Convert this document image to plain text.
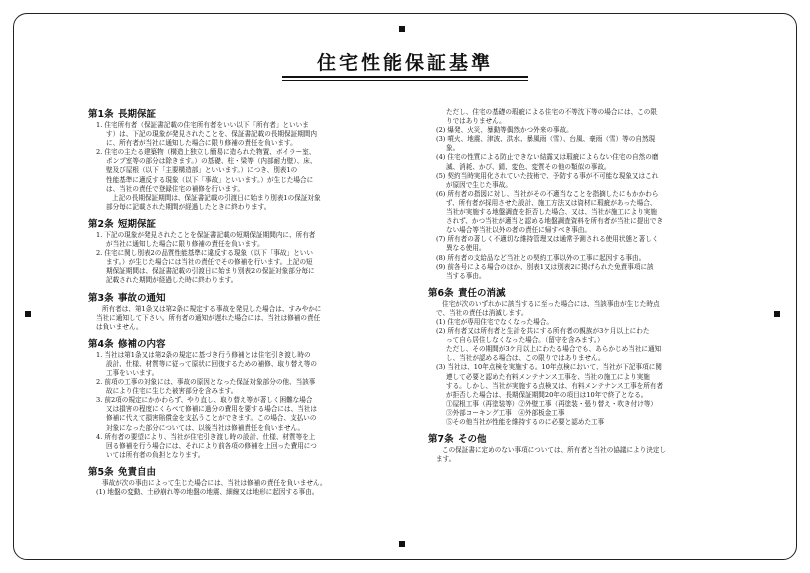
住宅性能保証基準
第1条 長期保証

1. 住宅所有者（保証書記載の住宅所有者をいい以下「所有者」といいま

す）は、下記の現象が発見されたことを、保証書記載の長期保証期間内

に、所有者が当社に通知した場合に限り修補の責任を負います。

2. 住宅の主たる建築物（構造上独立し簡易に造られた物置、ボイラー室、

ポンプ室等の部分は除きます。）の基礎、柱・梁等（内部耐力壁）、床、

壁及び屋根（以下「主要構造部」といいます。）につき、別表1の

性能基準に適反する現象（以下「事故」といいます。）が生じた場合に

は、当社の責任で登録住宅の補修を行います。

上記の長期保証期間は、保証書記載の引渡日に始まり別表1の保証対象

部分毎に記載された期間が経過したときに終わります。

第2条 短期保証

1. 下記の現象が発見されたことを保証書記載の短期保証期間内に、所有者

が当社に通知した場合に限り修補の責任を負います。

2. 住宅に関し別表2の品質性能基準に違反する現象（以下「事故」といい

ます。）が生じた場合には当社の責任でその修補を行います。上記の短

期保証期間は、保証書記載の引渡日に始まり別表2の保証対象部分毎に

記載された期間が経過した時に終わります。

第3条 事故の通知

所有者は、第1条又は第2条に規定する事故を発見した場合は、すみやかに

当社に通知して下さい。所有者の通知が遅れた場合には、当社は修補の責任

は負いません。

第4条 修補の内容

1. 当社は第1条又は第2条の規定に基づき行う修補とは住宅引き渡し時の

設計、仕様、材質等に従って原状に回復するための補修、取り替え等の

工事をいいます。

2. 前項の工事の対象には、事故の原因となった保証対象部分の他、当該事

故により住宅に生じた被害部分を含みます。

3. 前2項の規定にかかわらず、やり直し、取り替え等が著しく困難な場合

又は損害の程度にくらべて修補に過分の費用を要する場合には、当社は

修補に代えて損害賠償金を支払うことができます。この場合、支払いの

対象になった部分については、以後当社は修補責任を負いません。

4. 所有者の要望により、当社が住宅引き渡し時の設計、仕様、材質等を上

回る修補を行う場合には、それにより前各項の修補を上回った費用につ

いては所有者の負担となります。

第5条 免責自由

事故が次の事由によって生じた場合には、当社は修補の責任を負いません。

(1) 地盤の変動、土砂崩れ等の地盤の地震、細線又は地形に起因する事由。

ただし、住宅の基礎の瑕疵による住宅の不等沈下等の場合には、この限

りではありません。

(2) 爆発、火災、暴動等偶然かつ外来の事故。

(3) 噴火、地震、津波、洪水、暴風雨（雪）、台風、豪雨（雪）等の自然現

象。

(4) 住宅の性質による防止できない結露又は瑕疵によらない住宅の自然の磨

滅、消耗、かび、錆、変色、変質その他の類似の事故。

(5) 契約当時実用化されていた技術で、予防する事が不可能な現象又はこれ

が原因で生じた事故。

(6) 所有者の指図に対し、当社がその不適当なことを指摘したにもかかわら

ず、所有者が採用させた設計、施工方法又は資材に瑕疵があった場合、

当社が実施する地盤調査を拒否した場合、又は、当社が施工により実施

されず、かつ当社が適当と認める地盤調査資料を所有者が当社に提出でき

ない場合等当社以外の者の責任に帰すべき事由。

(7) 所有者の著しく不適切な維持管理又は通常予測される使用状態と著しく

異なる使用。

(8) 所有者の支給品など当社との契約工事以外の工事に起因する事由。

(9) 前各号による場合のほか、別表1又は別表2に掲げられた免責事項に該

当する事由。

第6条 責任の消滅

住宅が次のいずれかに該当するに至った場合には、当該事由が生じた時点

で、当社の責任は消滅します。

(1) 住宅が専用住宅でなくなった場合。

(2) 所有者又は所有者と生計を共にする所有者の親族が3ケ月以上にわた

って自ら居住しなくなった場合。（留守を含みます。）

ただし、その期間が3ケ月以上にわたる場合でも、あらかじめ当社に通知

し、当社が認める場合は、この限りではありません。

(3) 当社は、10年点検を実施する。10年点検において、当社が下記事項に関

連して必要と認めた有料メンテナンス工事を、当社の施工により実施

する。しかし、当社が実施する点検又は、有料メンテナンス工事を所有者

が拒否した場合は、長期保証期間20年の項目は10年で終了となる。

①屋根工事（再塗装等）②外壁工事（再塗装・張り替え・吹き付け等）

③外部コーキング工事　④外部板金工事

⑤その他当社が性能を維持するのに必要と認めた工事

第7条 その他

この保証書に定めのない事項については、所有者と当社の協議により決定し

ます。
